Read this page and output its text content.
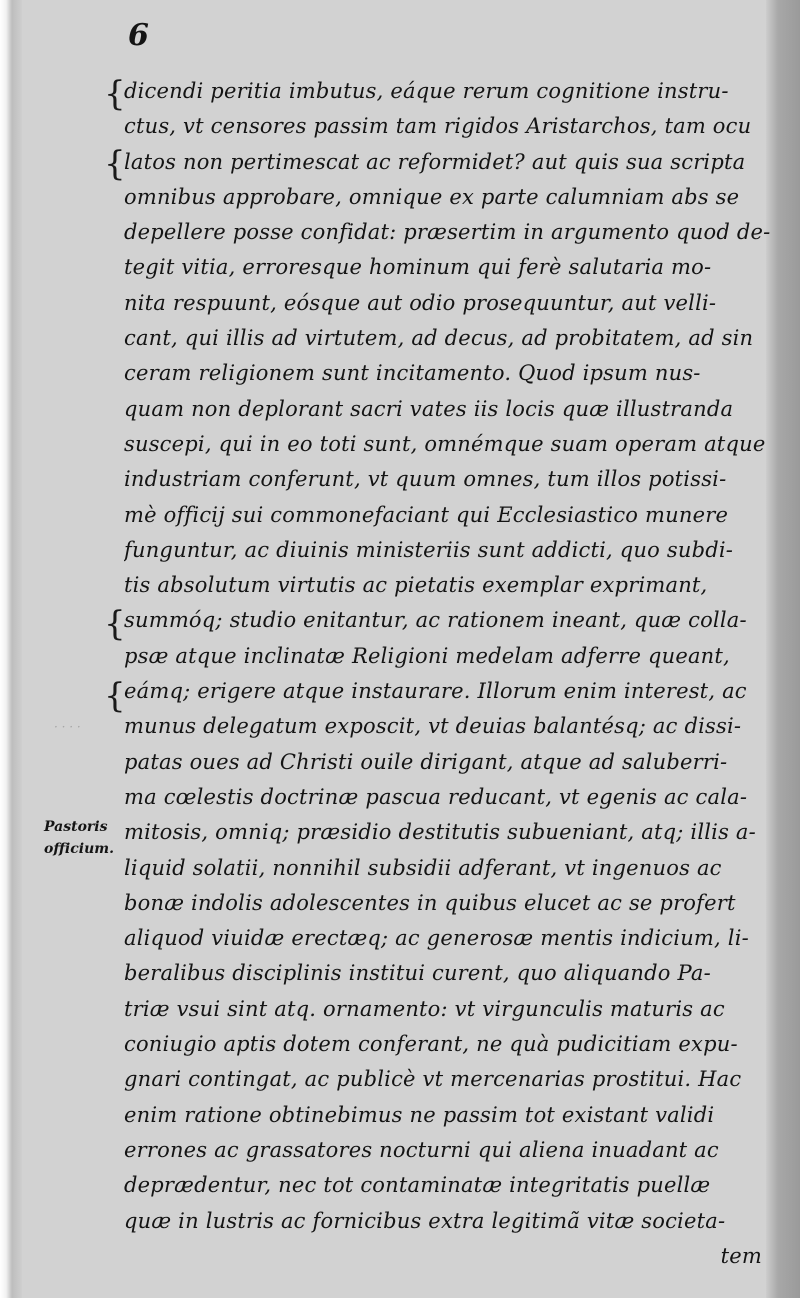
6
{
{
{
{
· · · ·
dicendi peritia imbutus, eáque rerum cognitione instru-
ctus, vt censores passim tam rigidos Aristarchos, tam ocu
latos non pertimescat ac reformidet? aut quis sua scripta
omnibus approbare, omnique ex parte calumniam abs se
depellere posse confidat: præsertim in argumento quod de-
tegit vitia, erroresque hominum qui ferè salutaria mo-
nita respuunt, eósque aut odio prosequuntur, aut velli-
cant, qui illis ad virtutem, ad decus, ad probitatem, ad sin
ceram religionem sunt incitamento. Quod ipsum nus-
quam non deplorant sacri vates iis locis quæ illustranda
suscepi, qui in eo toti sunt, omnémque suam operam atque
industriam conferunt, vt quum omnes, tum illos potissi-
mè officij sui commonefaciant qui Ecclesiastico munere
funguntur, ac diuinis ministeriis sunt addicti, quo subdi-
tis absolutum virtutis ac pietatis exemplar exprimant,
summóq; studio enitantur, ac rationem ineant, quæ colla-
psæ atque inclinatæ Religioni medelam adferre queant,
eámq; erigere atque instaurare. Illorum enim interest, ac
munus delegatum exposcit, vt deuias balantésq; ac dissi-
patas oues ad Christi ouile dirigant, atque ad saluberri-
ma cœlestis doctrinæ pascua reducant, vt egenis ac cala-
mitosis, omniq; præsidio destitutis subueniant, atq; illis a-
liquid solatii, nonnihil subsidii adferant, vt ingenuos ac
bonæ indolis adolescentes in quibus elucet ac se profert
aliquod viuidæ erectæq; ac generosæ mentis indicium, li-
beralibus disciplinis institui curent, quo aliquando Pa-
triæ vsui sint atq. ornamento: vt virgunculis maturis ac
coniugio aptis dotem conferant, ne quà pudicitiam expu-
gnari contingat, ac publicè vt mercenarias prostitui. Hac
enim ratione obtinebimus ne passim tot existant validi
errones ac grassatores nocturni qui aliena inuadant ac
deprædentur, nec tot contaminatæ integritatis puellæ
quæ in lustris ac fornicibus extra legitimã vitæ societa-
tem
Pastoris
officium.
